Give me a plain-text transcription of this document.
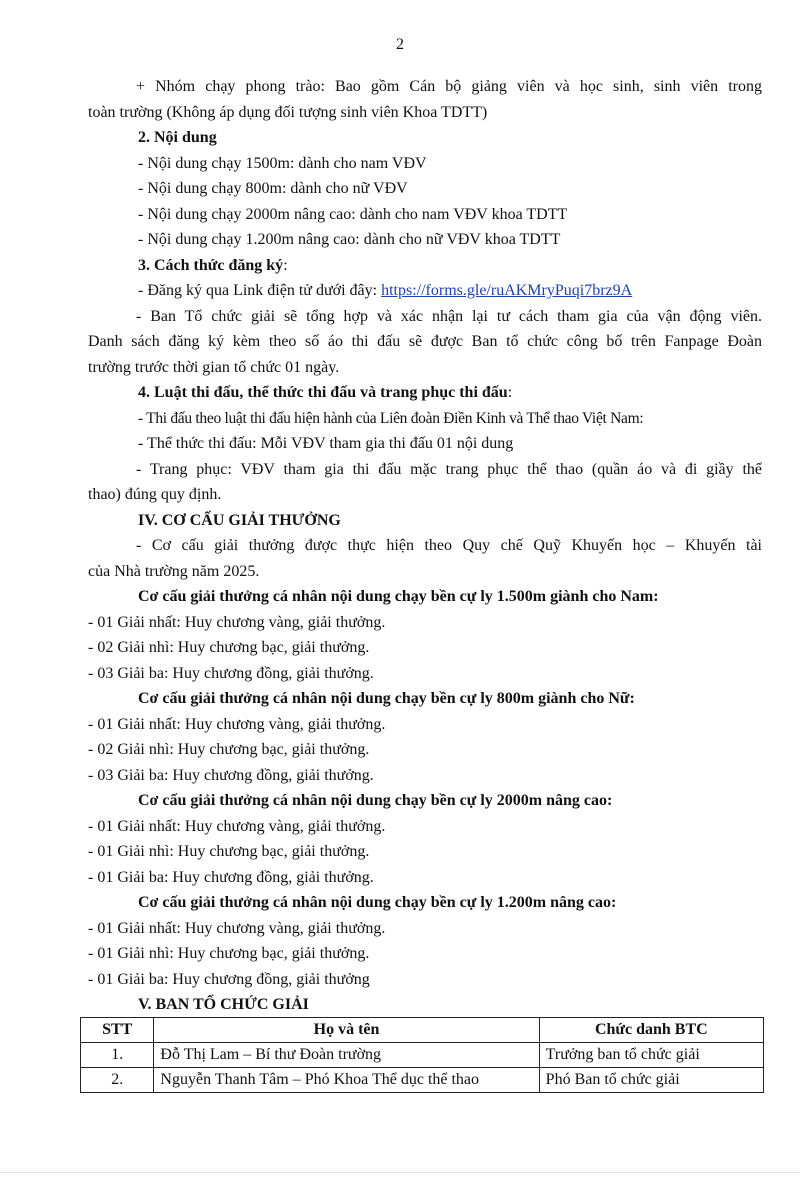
2

+ Nhóm chạy phong trào: Bao gồm Cán bộ giảng viên và học sinh, sinh viên trong

toàn trường (Không áp dụng đối tượng sinh viên Khoa TDTT)

2. Nội dung

- Nội dung chạy 1500m: dành cho nam VĐV

- Nội dung chạy 800m: dành cho nữ VĐV

- Nội dung chạy 2000m nâng cao: dành cho nam VĐV khoa TDTT

- Nội dung chạy 1.200m nâng cao: dành cho nữ VĐV khoa TDTT

3. Cách thức đăng ký:

- Đăng ký qua Link điện tử dưới đây: https://forms.gle/ruAKMryPuqi7brz9A

- Ban Tổ chức giải sẽ tổng hợp và xác nhận lại tư cách tham gia của vận động viên.

Danh sách đăng ký kèm theo số áo thi đấu sẽ được Ban tổ chức công bố trên Fanpage Đoàn

trường trước thời gian tổ chức 01 ngày.

4. Luật thi đấu, thể thức thi đấu và trang phục thi đấu:

- Thi đấu theo luật thi đấu hiện hành của Liên đoàn Điền Kinh và Thể thao Việt Nam:

- Thể thức thi đấu: Mỗi VĐV tham gia thi đấu 01 nội dung

- Trang phục: VĐV tham gia thi đấu mặc trang phục thể thao (quần áo và đi giầy thể

thao) đúng quy định.

IV. CƠ CẤU GIẢI THƯỞNG

- Cơ cấu giải thưởng được thực hiện theo Quy chế Quỹ Khuyến học – Khuyến tài

của Nhà trường năm 2025.

Cơ cấu giải thưởng cá nhân nội dung chạy bền cự ly 1.500m giành cho Nam:

- 01 Giải nhất: Huy chương vàng, giải thưởng.

- 02 Giải nhì: Huy chương bạc, giải thưởng.

- 03 Giải ba: Huy chương đồng, giải thưởng.

Cơ cấu giải thưởng cá nhân nội dung chạy bền cự ly 800m giành cho Nữ:

- 01 Giải nhất: Huy chương vàng, giải thưởng.

- 02 Giải nhì: Huy chương bạc, giải thưởng.

- 03 Giải ba: Huy chương đồng, giải thưởng.

Cơ cấu giải thưởng cá nhân nội dung chạy bền cự ly 2000m nâng cao:

- 01 Giải nhất: Huy chương vàng, giải thưởng.

- 01 Giải nhì: Huy chương bạc, giải thưởng.

- 01 Giải ba: Huy chương đồng, giải thưởng.

Cơ cấu giải thưởng cá nhân nội dung chạy bền cự ly 1.200m nâng cao:

- 01 Giải nhất: Huy chương vàng, giải thưởng.

- 01 Giải nhì: Huy chương bạc, giải thưởng.

- 01 Giải ba: Huy chương đồng, giải thưởng

V. BAN TỔ CHỨC GIẢI

STT	Họ và tên	Chức danh BTC
1.	Đỗ Thị Lam – Bí thư Đoàn trường	Trưởng ban tổ chức giải
2.	Nguyễn Thanh Tâm – Phó Khoa Thể dục thể thao	Phó Ban tổ chức giải
